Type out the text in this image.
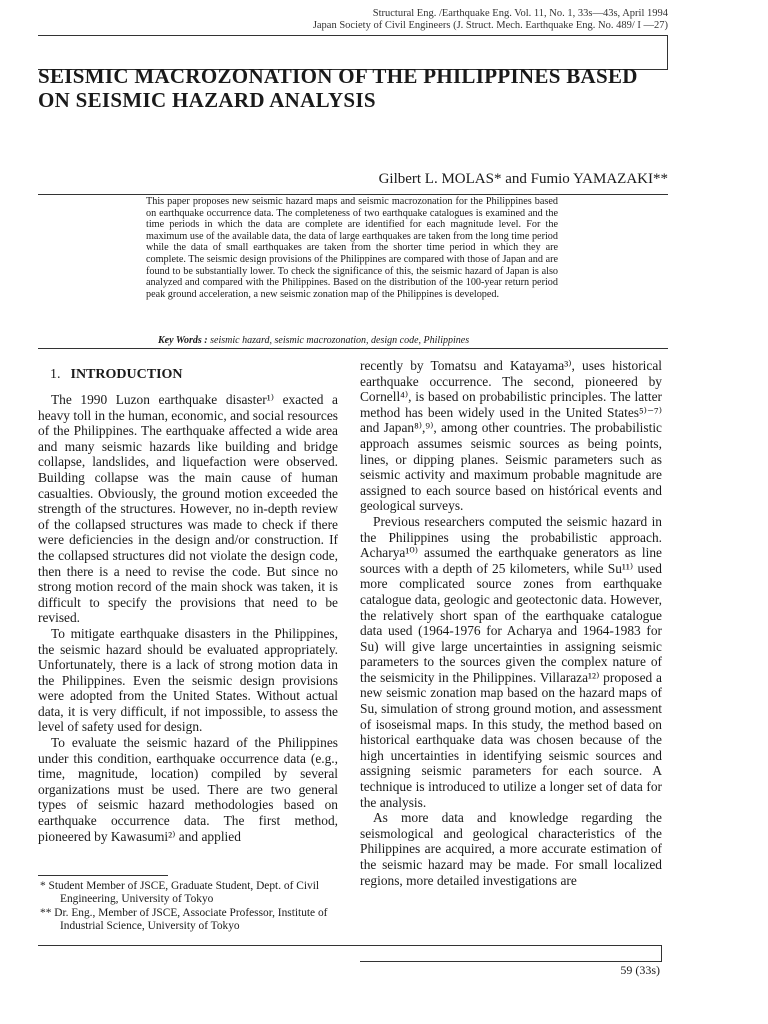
Structural Eng. /Earthquake Eng. Vol. 11, No. 1, 33s—43s, April 1994
Japan Society of Civil Engineers (J. Struct. Mech. Earthquake Eng. No. 489/ I —27)
SEISMIC MACROZONATION OF THE PHILIPPINES BASED ON SEISMIC HAZARD ANALYSIS
Gilbert L. MOLAS* and Fumio YAMAZAKI**

This paper proposes new seismic hazard maps and seismic macrozonation for the Philippines based on earthquake occurrence data. The completeness of two earthquake catalogues is examined and the time periods in which the data are complete are identified for each magnitude level. For the maximum use of the available data, the data of large earthquakes are taken from the long time period while the data of small earthquakes are taken from the shorter time period in which they are complete. The seismic design provisions of the Philippines are compared with those of Japan and are found to be substantially lower. To check the significance of this, the seismic hazard of Japan is also analyzed and compared with the Philippines. Based on the distribution of the 100-year return period peak ground acceleration, a new seismic zonation map of the Philippines is developed.

Key Words : seismic hazard, seismic macrozonation, design code, Philippines
1. INTRODUCTION

The 1990 Luzon earthquake disaster¹⁾ exacted a heavy toll in the human, economic, and social resources of the Philippines. The earthquake affected a wide area and many seismic hazards like building and bridge collapse, landslides, and liquefaction were observed. Building collapse was the main cause of human casualties. Obviously, the ground motion exceeded the strength of the structures. However, no in-depth review of the collapsed structures was made to check if there were deficiencies in the design and/or construction. If the collapsed structures did not violate the design code, then there is a need to revise the code. But since no strong motion record of the main shock was taken, it is difficult to specify the provisions that need to be revised.

To mitigate earthquake disasters in the Philippines, the seismic hazard should be evaluated appropriately. Unfortunately, there is a lack of strong motion data in the Philippines. Even the seismic design provisions were adopted from the United States. Without actual data, it is very difficult, if not impossible, to assess the level of safety used for design.

To evaluate the seismic hazard of the Philippines under this condition, earthquake occurrence data (e.g., time, magnitude, location) compiled by several organizations must be used. There are two general types of seismic hazard methodologies based on earthquake occurrence data. The first method, pioneered by Kawasumi²⁾ and applied

recently by Tomatsu and Katayama³⁾, uses historical earthquake occurrence. The second, pioneered by Cornell⁴⁾, is based on probabilistic principles. The latter method has been widely used in the United States⁵⁾⁻⁷⁾ and Japan⁸⁾,⁹⁾, among other countries. The probabilistic approach assumes seismic sources as being points, lines, or dipping planes. Seismic parameters such as seismic activity and maximum probable magnitude are assigned to each source based on histórical events and geological surveys.

Previous researchers computed the seismic hazard in the Philippines using the probabilistic approach. Acharya¹⁰⁾ assumed the earthquake generators as line sources with a depth of 25 kilometers, while Su¹¹⁾ used more complicated source zones from earthquake catalogue data, geologic and geotectonic data. However, the relatively short span of the earthquake catalogue data used (1964-1976 for Acharya and 1964-1983 for Su) will give large uncertainties in assigning seismic parameters to the sources given the complex nature of the seismicity in the Philippines. Villaraza¹²⁾ proposed a new seismic zonation map based on the hazard maps of Su, simulation of strong ground motion, and assessment of isoseismal maps. In this study, the method based on historical earthquake data was chosen because of the high uncertainties in identifying seismic sources and assigning seismic parameters for each source. A technique is introduced to utilize a longer set of data for the analysis.

As more data and knowledge regarding the seismological and geological characteristics of the Philippines are acquired, a more accurate estimation of the seismic hazard may be made. For small localized regions, more detailed investigations are

* Student Member of JSCE, Graduate Student, Dept. of Civil Engineering, University of Tokyo

** Dr. Eng., Member of JSCE, Associate Professor, Institute of Industrial Science, University of Tokyo

59 (33s)
